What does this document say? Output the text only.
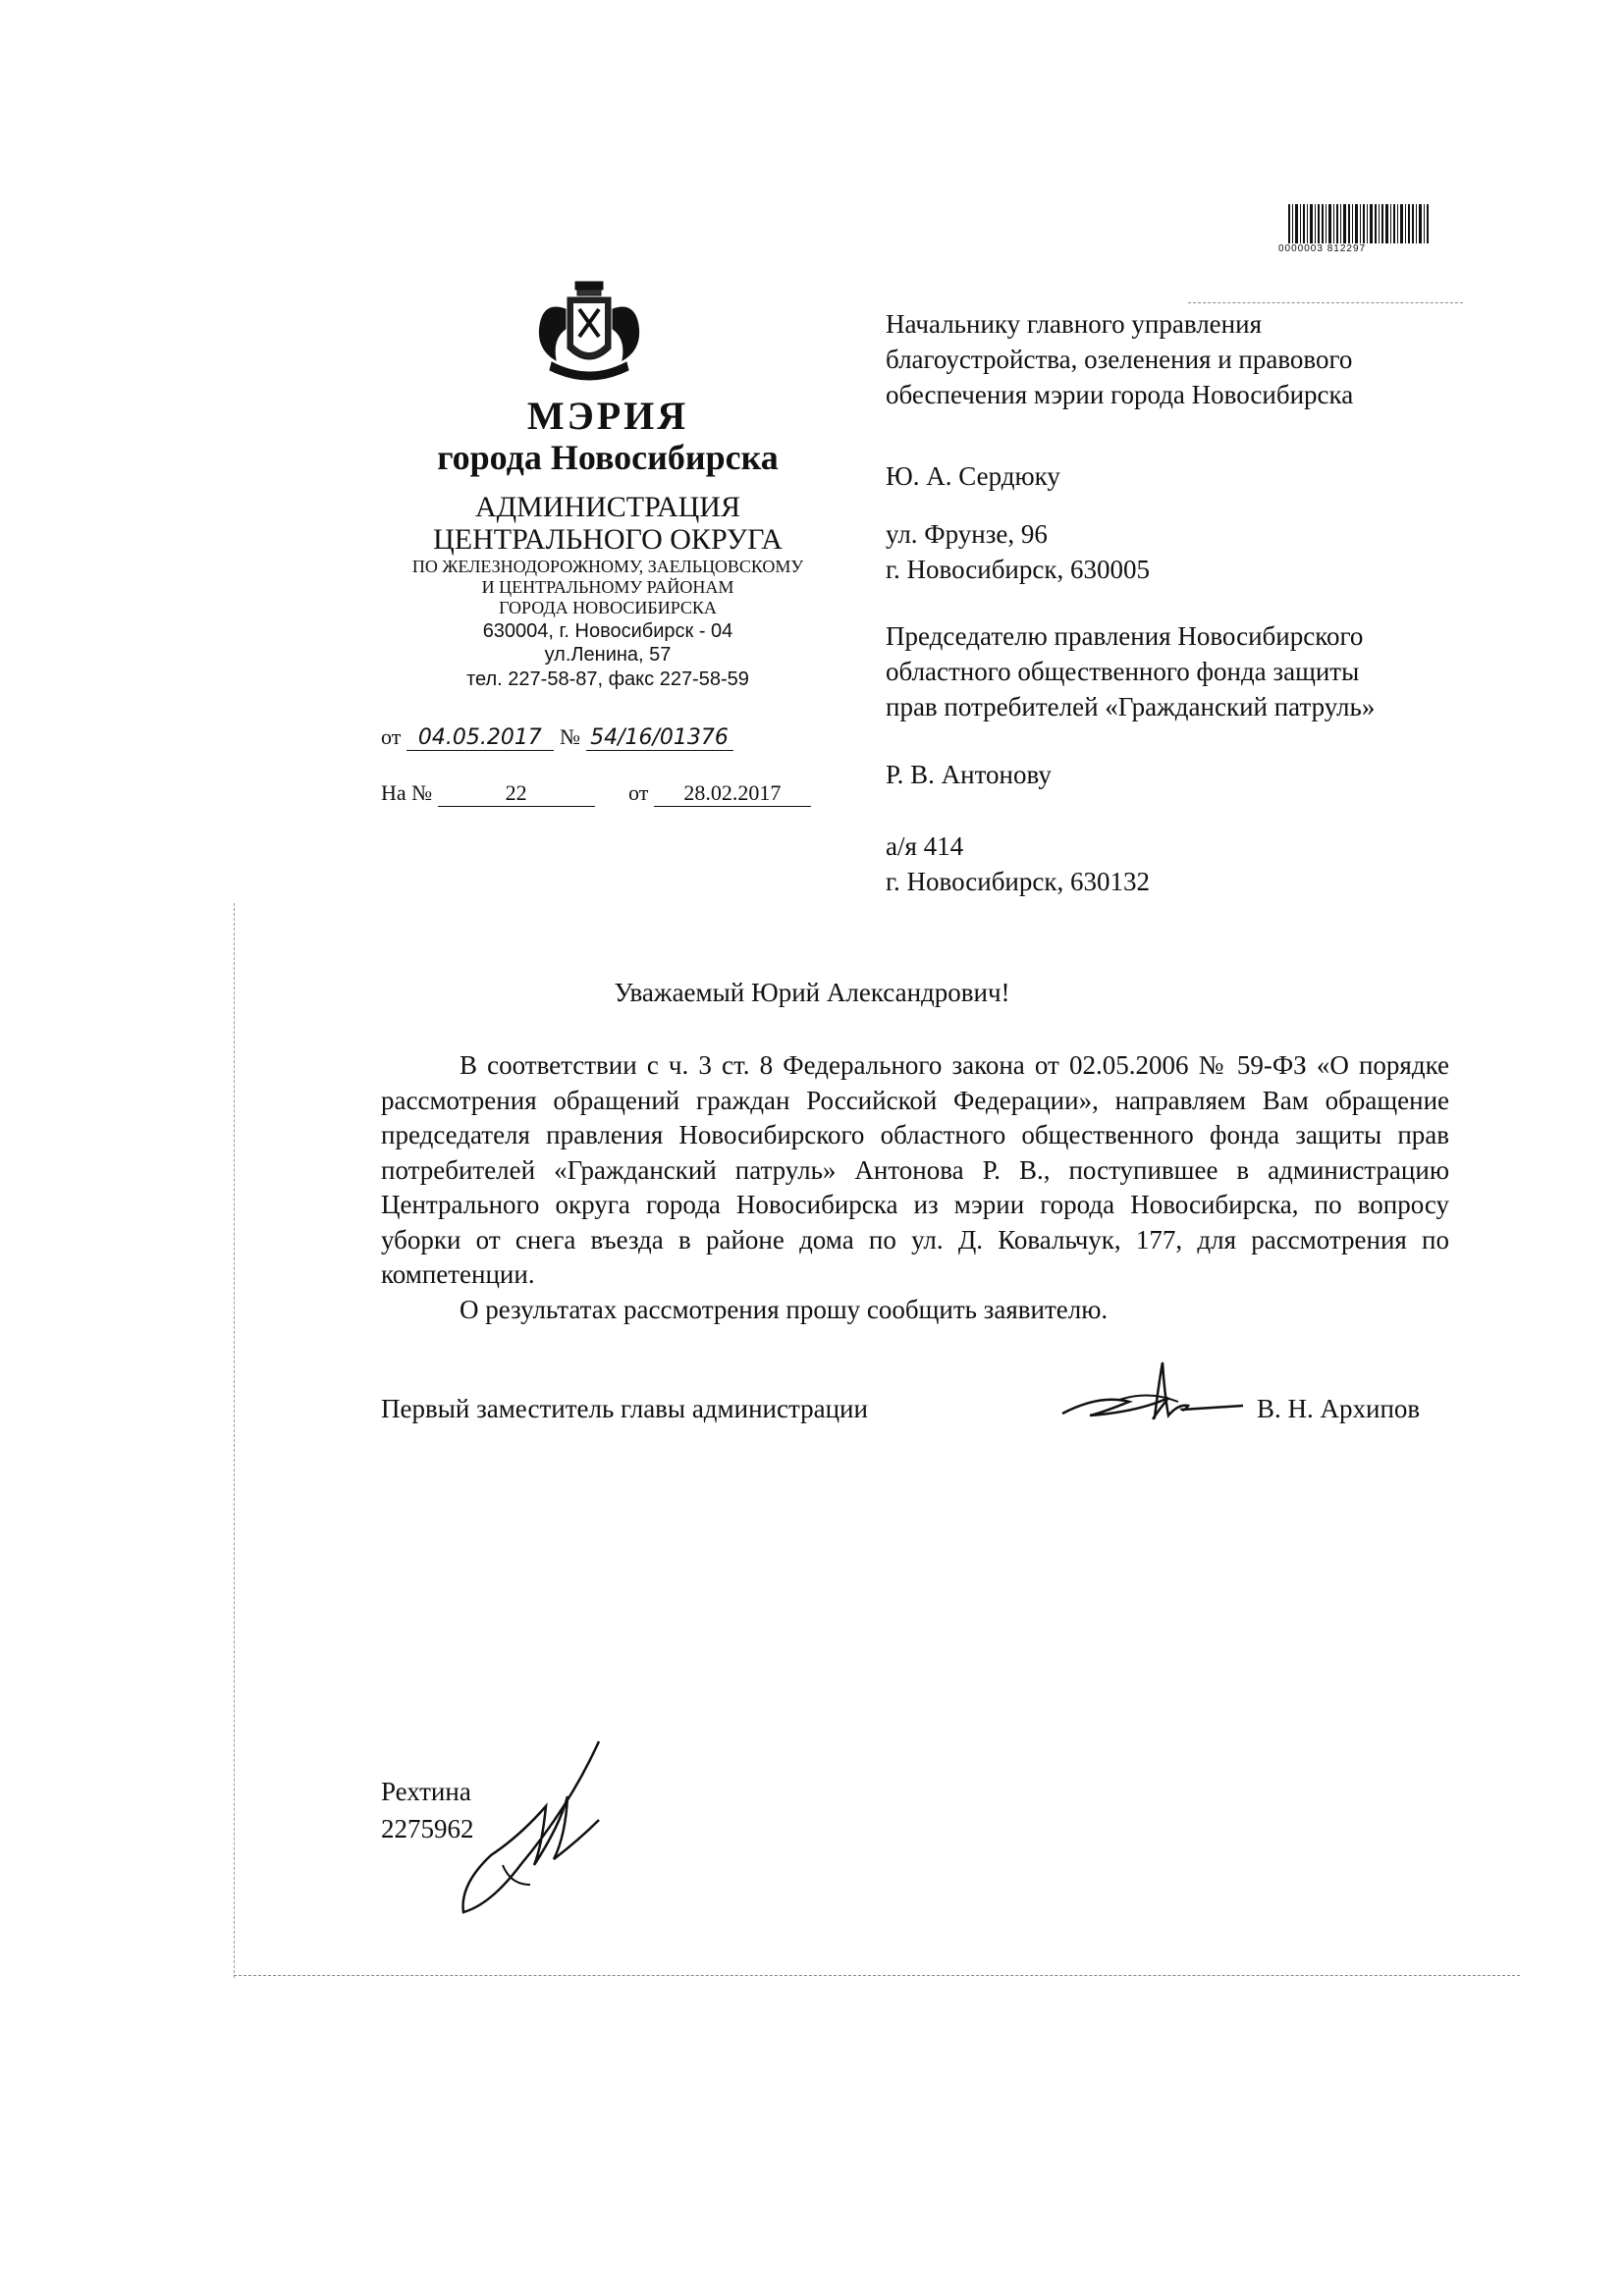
0000003 812297
МЭРИЯ
города Новосибирска
АДМИНИСТРАЦИЯ
ЦЕНТРАЛЬНОГО ОКРУГА
ПО ЖЕЛЕЗНОДОРОЖНОМУ, ЗАЕЛЬЦОВСКОМУ
И ЦЕНТРАЛЬНОМУ РАЙОНАМ
ГОРОДА НОВОСИБИРСКА
630004, г. Новосибирск - 04
ул.Ленина, 57
тел. 227-58-87, факс 227-58-59
от 04.05.2017 № 54/16/01376
На №	22	от 28.02.2017
Начальнику главного управления
благоустройства, озеленения и правового
обеспечения мэрии города Новосибирска
Ю. А. Сердюку
ул. Фрунзе, 96
г. Новосибирск, 630005
Председателю правления Новосибирского
областного общественного фонда защиты
прав потребителей «Гражданский патруль»
Р. В. Антонову
а/я 414
г. Новосибирск, 630132
Уважаемый Юрий Александрович!

В соответствии с ч. 3 ст. 8 Федерального закона от 02.05.2006 № 59-ФЗ «О порядке рассмотрения обращений граждан Российской Федерации», направляем Вам обращение председателя правления Новосибирского областного общественного фонда защиты прав потребителей «Гражданский патруль» Антонова Р. В., поступившее в администрацию Центрального округа города Новосибирска из мэрии города Новосибирска, по вопросу уборки от снега въезда в районе дома по ул. Д. Ковальчук, 177, для рассмотрения по компетенции.

О результатах рассмотрения прошу сообщить заявителю.

Первый заместитель главы администрации	В. Н. Архипов
Рехтина
2275962
